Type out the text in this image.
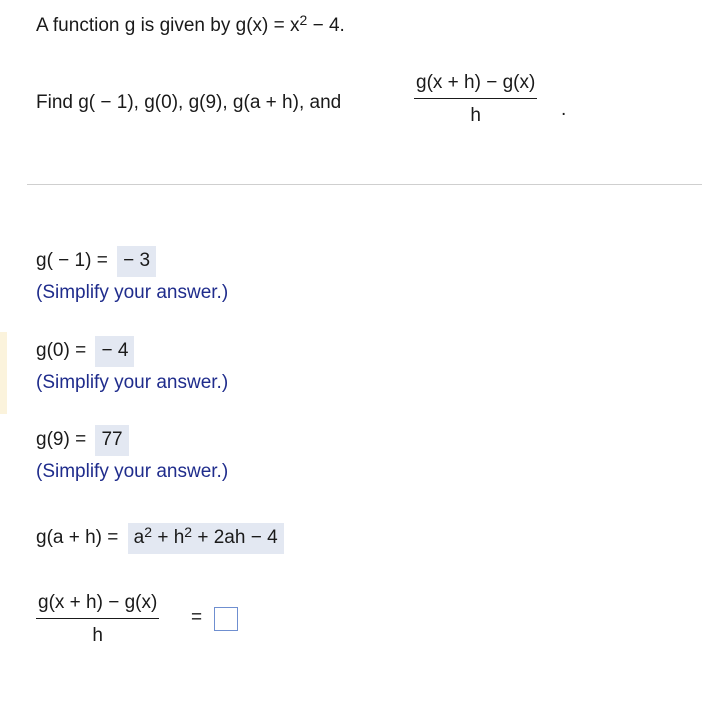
A function g is given by $g(x) = x^2 - 4$.
Find g( − 1), g(0), g(9), g(a + h), and
g(x + h) − g(x)
h	.
g( − 1) = − 3
(Simplify your answer.)
g(0) = − 4
(Simplify your answer.)
g(9) = 77
(Simplify your answer.)
$g(a + h) = a^2 + h^2 + 2ah - 4$
g(x + h) − g(x)
h
=
